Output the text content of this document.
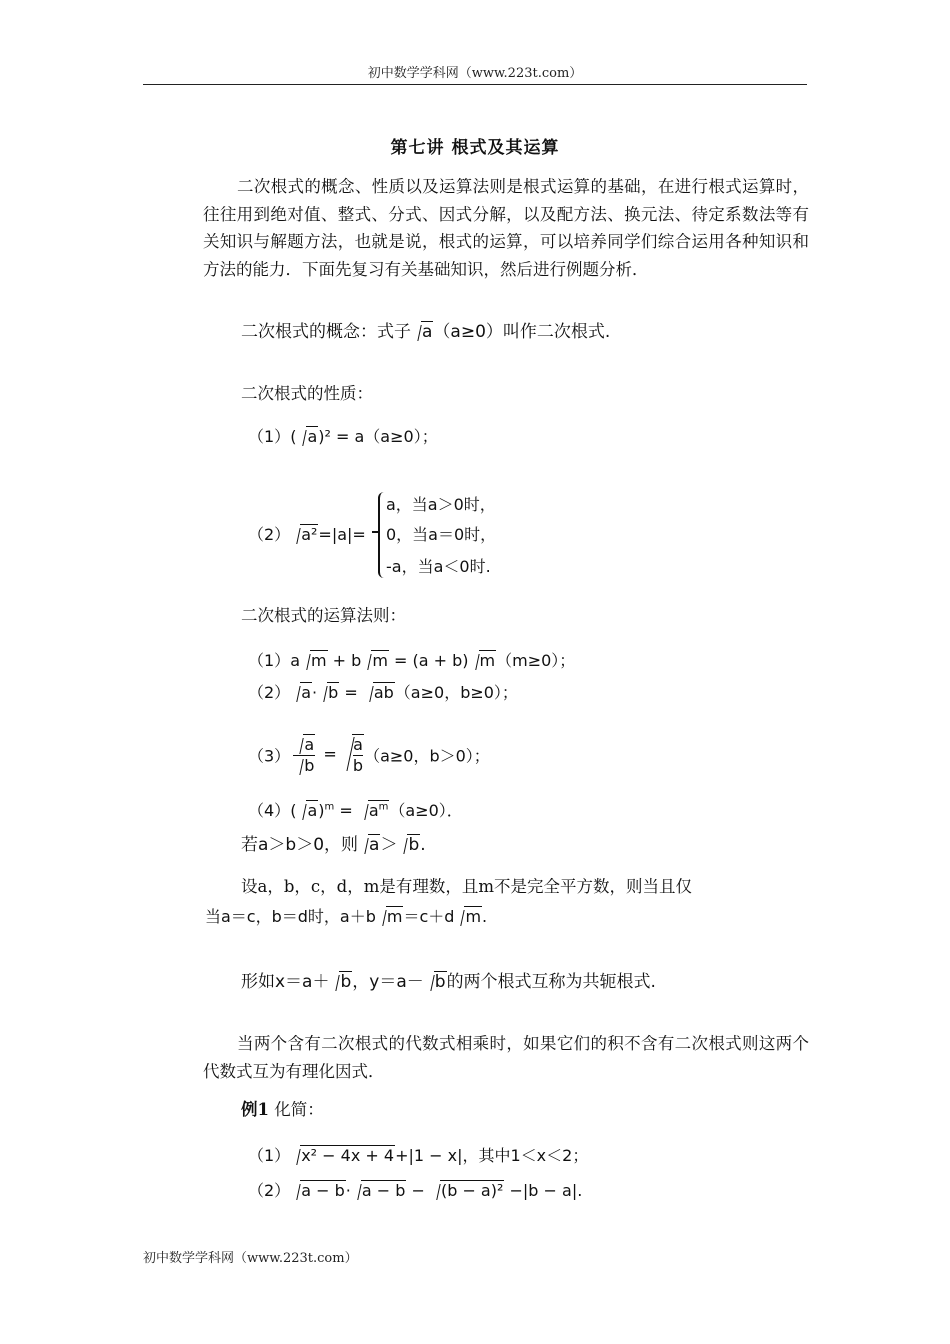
初中数学学科网（www.223t.com）
第七讲 根式及其运算
二次根式的概念、性质以及运算法则是根式运算的基础，在进行根式运算时，往往用到绝对值、整式、分式、因式分解，以及配方法、换元法、待定系数法等有关知识与解题方法，也就是说，根式的运算，可以培养同学们综合运用各种知识和方法的能力．下面先复习有关基础知识，然后进行例题分析．
二次根式的概念：式子 a（a≥0）叫作二次根式.
二次根式的性质：
（1）( a)² = a（a≥0）；
（2） a²=|a|=
a，当a＞0时，
0，当a＝0时，
-a，当a＜0时.
二次根式的运算法则：
（1）a m + b m = (a + b) m（m≥0）；
（2） a· b = ab（a≥0，b≥0）；
$(3) \frac{a}{b} = \frac{a}{b} (a\ge 0$，b＞0）；
（4）( $a)^m = a^m(a\ge 0)$．
若a＞b＞0，则 a＞ b.
设a，b，c，d，m是有理数，且m不是完全平方数，则当且仅
当a＝c，b＝d时，a＋b m＝c＋d m.
形如x＝a＋ b，y＝a－ b的两个根式互称为共轭根式.
当两个含有二次根式的代数式相乘时，如果它们的积不含有二次根式则这两个代数式互为有理化因式．
例1 化简：
（1） x² − 4x + 4+|1 − x|，其中1＜x＜2；
（2） a − b· a − b − (b − a)² −|b − a|.
初中数学学科网（www.223t.com）
